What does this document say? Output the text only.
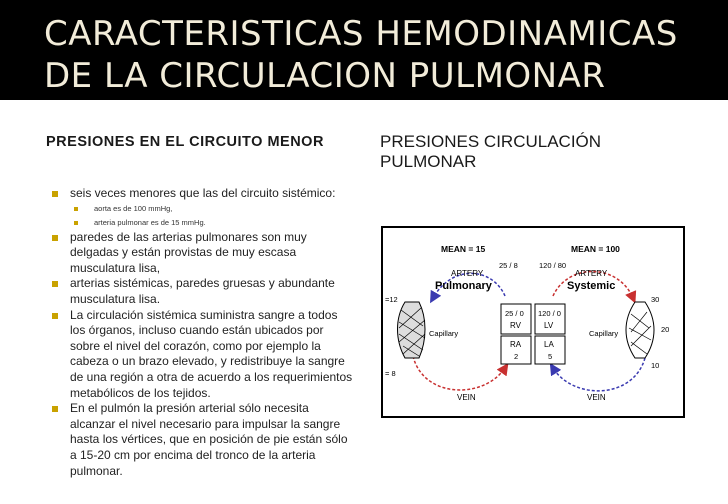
CARACTERISTICAS HEMODINAMICAS
DE LA CIRCULACION PULMONAR
PRESIONES EN EL CIRCUITO MENOR	PRESIONES CIRCULACIÓN PULMONAR
seis veces menores que las del circuito sistémico:
aorta es de 100 mmHg,
arteria pulmonar es de 15 mmHg.
paredes de las arterias pulmonares son muy delgadas y están provistas de muy escasa musculatura lisa,
arterias sistémicas, paredes gruesas y abundante musculatura lisa.
La circulación sistémica suministra sangre a todos los órganos, incluso cuando están ubicados por sobre el nivel del corazón, como por ejemplo la cabeza o un brazo elevado, y redistribuye la sangre de una región a otra de acuerdo a los requerimientos metabólicos de los tejidos.
En el pulmón la presión arterial sólo necesita alcanzar el nivel necesario para impulsar la sangre hasta los vértices, que en posición de pie están sólo a 15-20 cm por encima del tronco de la arteria pulmonar.
MEAN = 15	MEAN = 100
25 / 8	120 / 80
ARTERY
Pulmonary
ARTERY
Systemic
=12
= 8
30
20
10
Capillary	Capillary
25 / 0
RV
120 / 0
LV
RA
2
LA
5
VEIN	VEIN
